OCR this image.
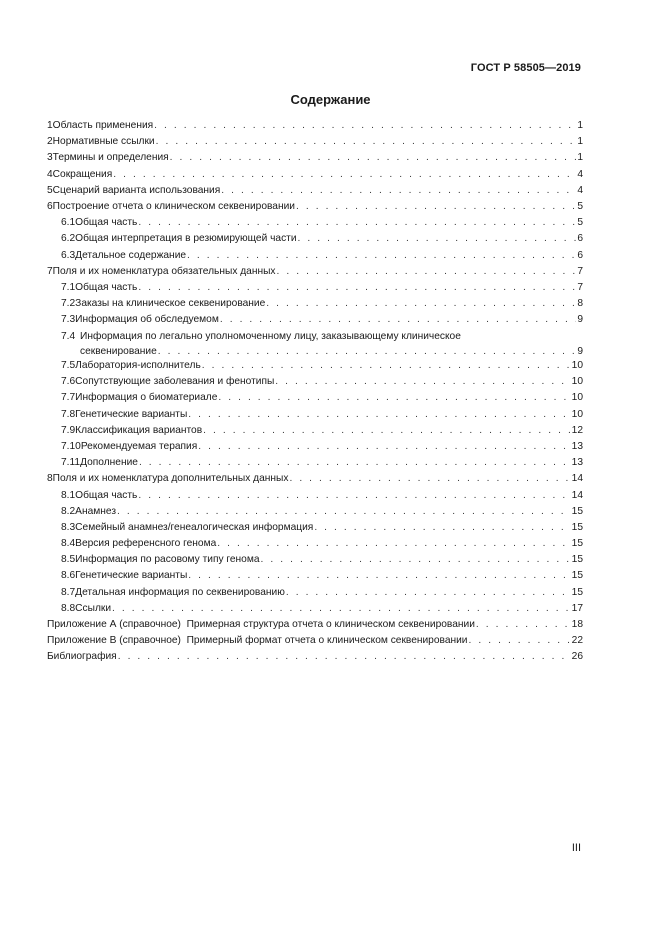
ГОСТ Р 58505—2019
Содержание
1 Область применения . . .	1
2 Нормативные ссылки . . .	1
3 Термины и определения . . .	1
4 Сокращения . . .	4
5 Сценарий варианта использования . . .	4
6 Построение отчета о клиническом секвенировании . . .	5
6.1 Общая часть . . .	5
6.2 Общая интерпретация в резюмирующей части . . .	6
6.3 Детальное содержание . . .	6
7 Поля и их номенклатура обязательных данных . . .	7
7.1 Общая часть . . .	7
7.2 Заказы на клиническое секвенирование . . .	8
7.3 Информация об обследуемом . . .	9
7.4 Информация по легально уполномоченному лицу, заказывающему клиническое
секвенирование . . .	9
7.5 Лаборатория-исполнитель . . .	10
7.6 Сопутствующие заболевания и фенотипы . . .	10
7.7 Информация о биоматериале . . .	10
7.8 Генетические варианты . . .	10
7.9 Классификация вариантов . . .	12
7.10 Рекомендуемая терапия . . .	13
7.11 Дополнение . . .	13
8 Поля и их номенклатура дополнительных данных . . .	14
8.1 Общая часть . . .	14
8.2 Анамнез . . .	15
8.3 Семейный анамнез/генеалогическая информация . . .	15
8.4 Версия референсного генома . . .	15
8.5 Информация по расовому типу генома . . .	15
8.6 Генетические варианты . . .	15
8.7 Детальная информация по секвенированию . . .	15
8.8 Ссылки . . .	17
Приложение А (справочное)  Примерная структура отчета о клиническом секвенировании . . .	18
Приложение В (справочное)  Примерный формат отчета о клиническом секвенировании . . .	22
Библиография . . .	26
III
